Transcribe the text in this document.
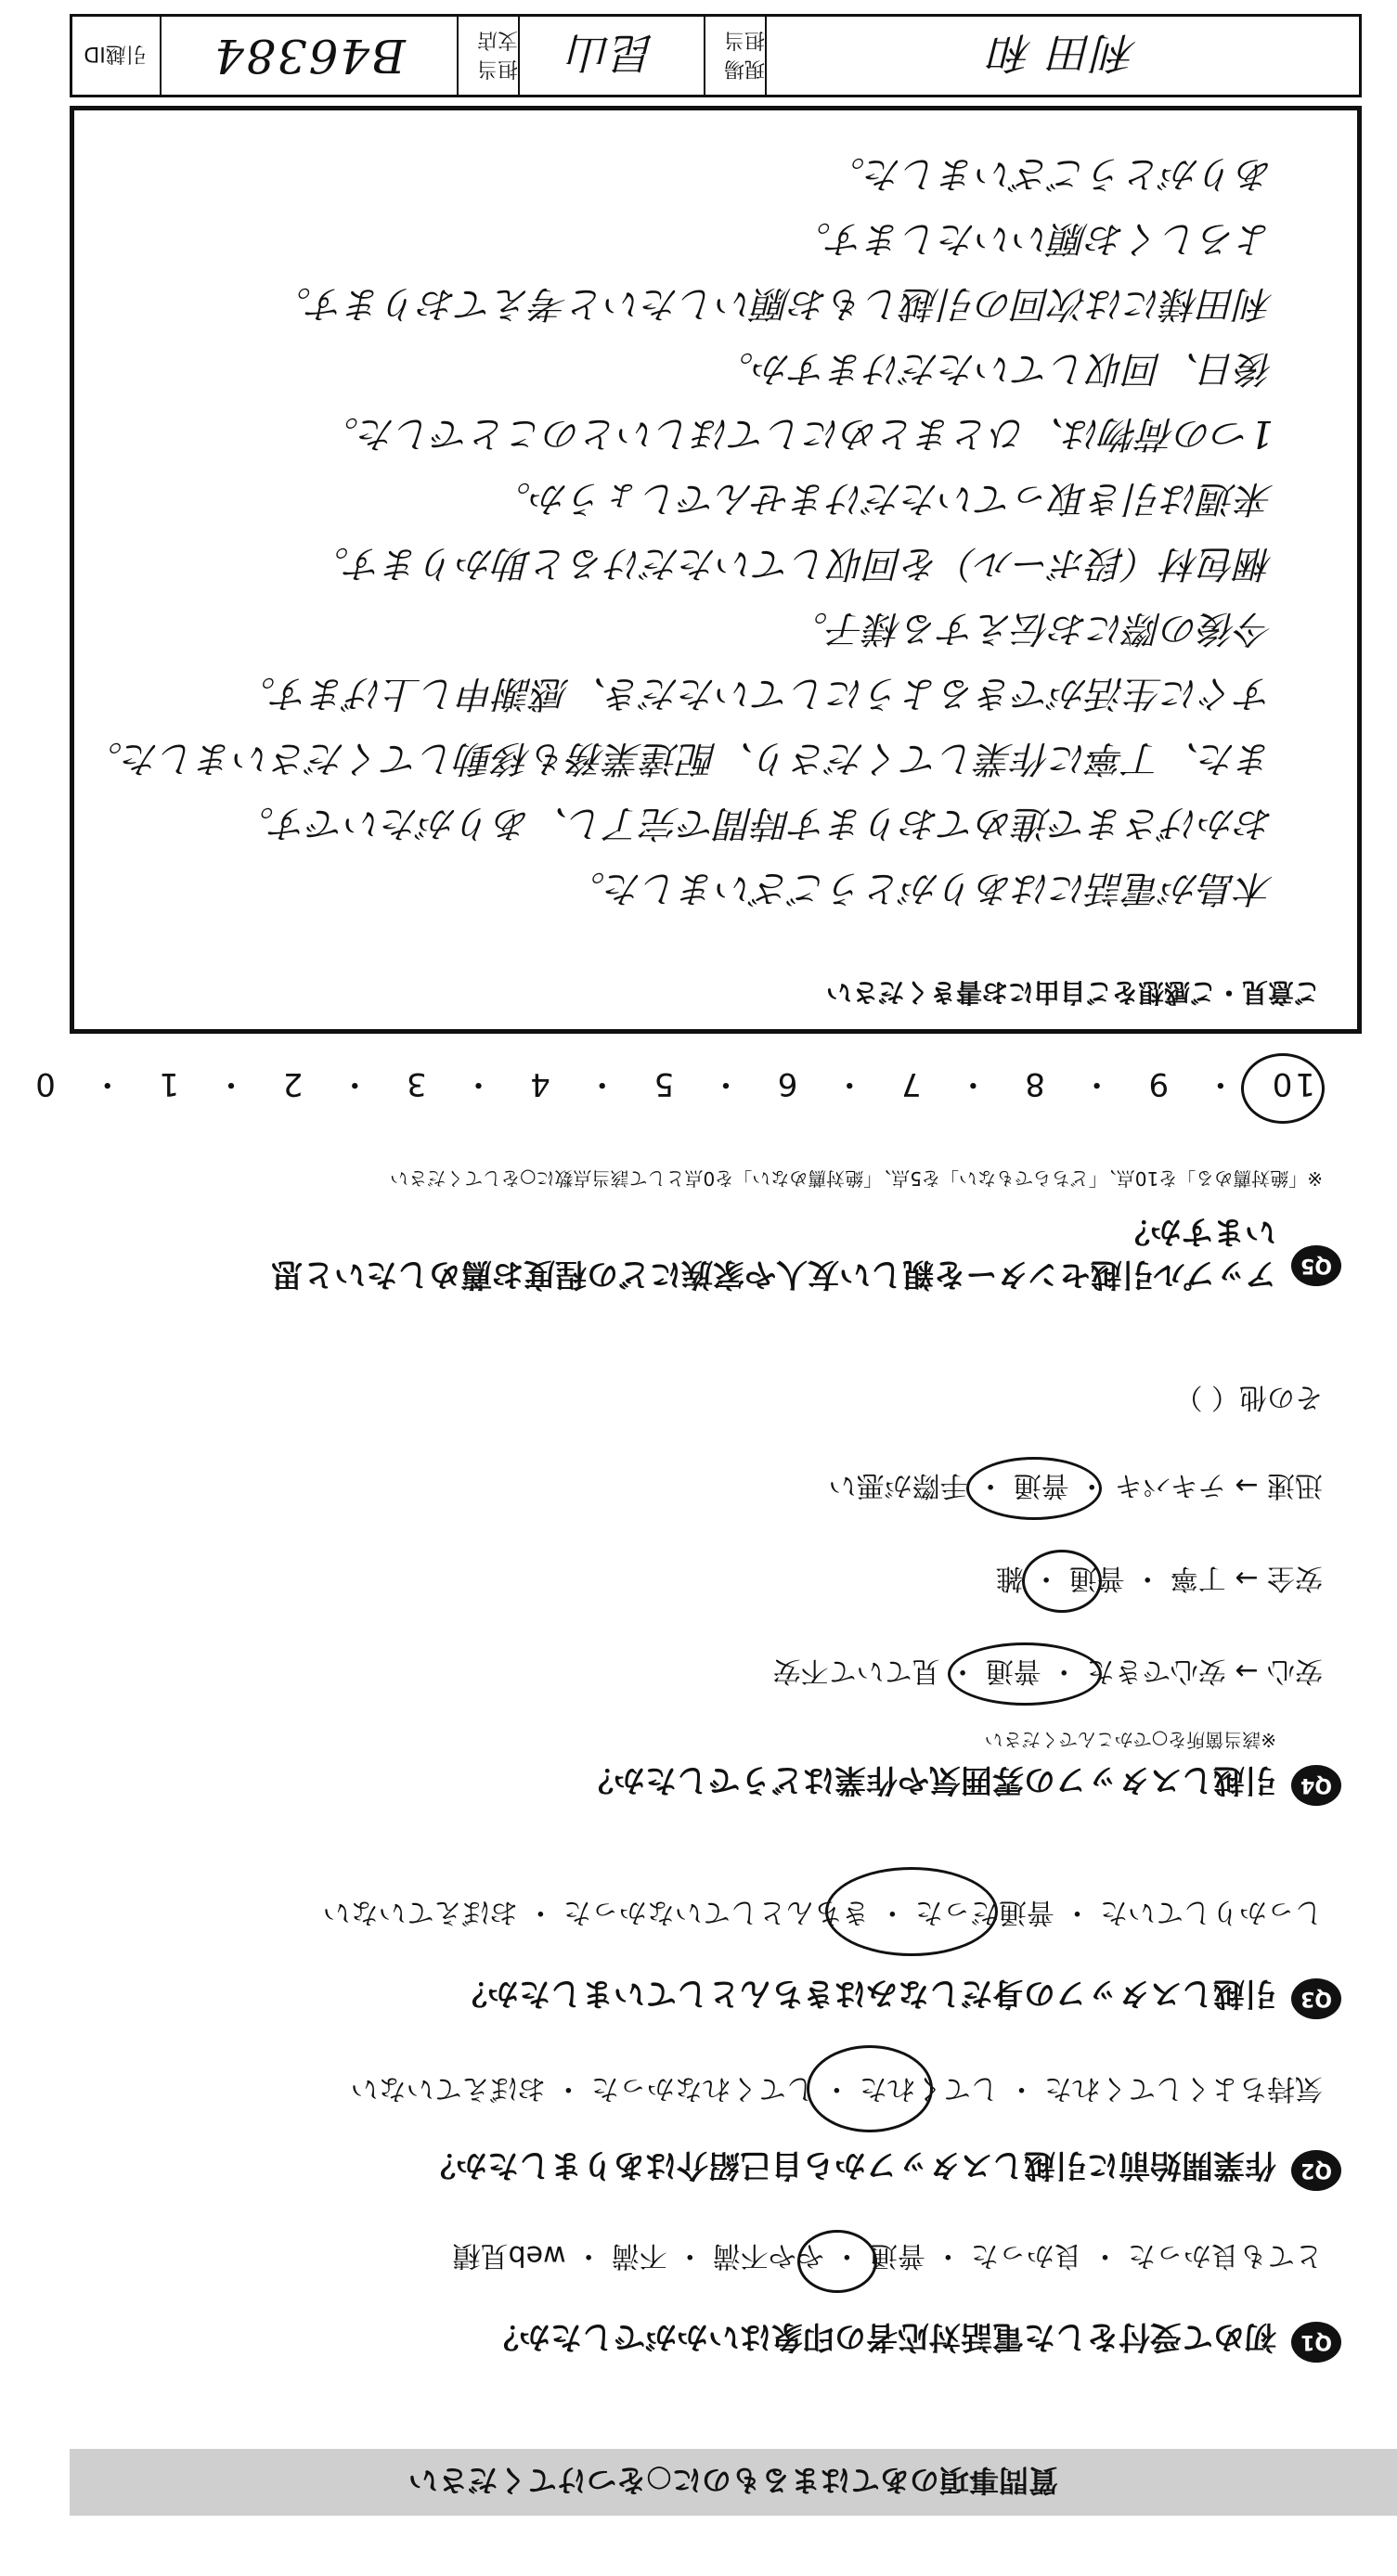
利田 和
現場担当
昆山
担当支店
B46384
引越ID
ご意見・ご感想をご自由にお書きください
木島が電話にはありがとうございました。
おかげさまで進めております時間で完了し、ありがたいです。
また、丁寧に作業してくださり、配達業務も移動してくださいました。
すぐに生活ができるようにしていただき、感謝申し上げます。
今後の際にお伝えする様子。
梱包材（段ボール）を回収していただけると助かります。
来週は引き取っていただけませんでしょうか。
1つの荷物は、ひとまとめにしてほしいとのことでした。
後日、回収していただけますか。
利田様には次回の引越しもお願いしたいと考えております。
よろしくお願いいたします。
ありがとうございました。
10 ・ 9 ・ 8 ・ 7 ・ 6 ・ 5 ・ 4 ・ 3 ・ 2 ・ 1 ・ 0
Q5
アップル引越センターを親しい友人や家族にどの程度お薦めしたいと思いますか？
※「絶対薦める」を10点、「どちらでもない」を5点、「絶対薦めない」を0点として該当点数に○をしてください
Q4
引越しスタッフの雰囲気や作業はどうでしたか？
※該当箇所を○でかこんでください
安心 → 安心できた ・ 普通 ・ 見ていて不安
安全 → 丁寧 ・ 普通 ・ 雑
迅速 → テキパキ ・ 普通 ・ 手際が悪い
その他（ ）
Q3
引越しスタッフの身だしなみはきちんとしていましたか？
しっかりしていた ・ 普通だった ・ きちんとしていなかった ・ おぼえていない
Q2
作業開始前に引越しスタッフから自己紹介はありましたか？
気持ちよくしてくれた ・ してくれた ・ してくれなかった ・ おぼえていない
Q1
初めて受付をした電話対応者の印象はいかがでしたか？
とても良かった ・ 良かった ・ 普通 ・ やや不満 ・ 不満 ・ web見積
質問事項のあてはまるものに○をつけてください
